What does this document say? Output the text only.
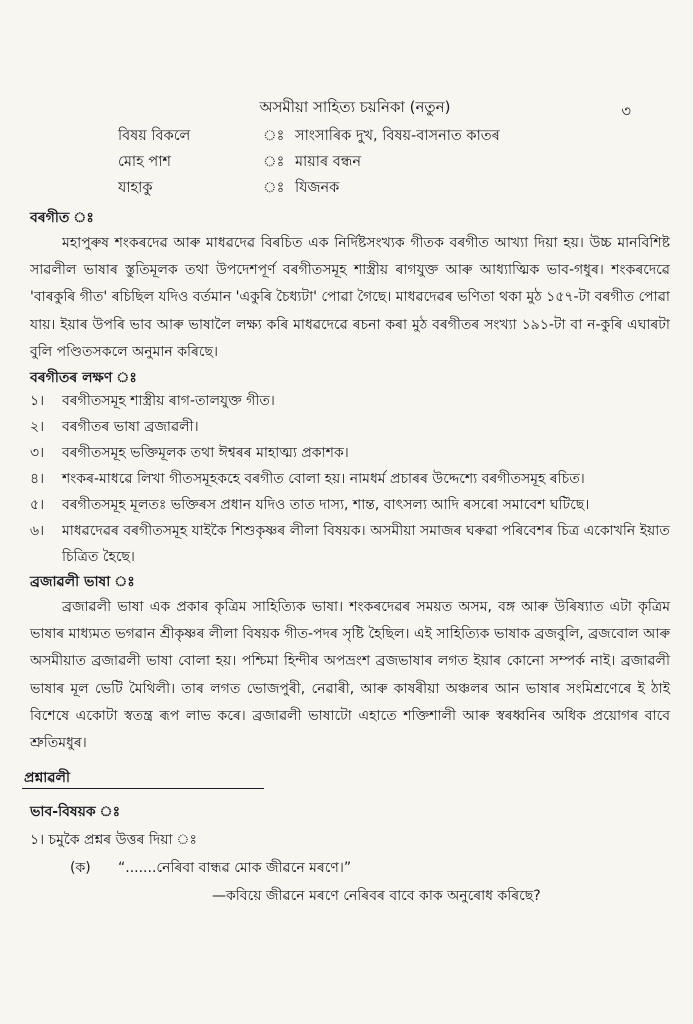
অসমীয়া সাহিত্য চয়নিকা (নতুন)	৩
বিষয় বিকলে	ঃ সাংসাৰিক দুখ, বিষয়-বাসনাত কাতৰ
মোহ পাশ	ঃ মায়াৰ বন্ধন
যাহাকু	ঃ যিজনক
বৰগীত ঃ

মহাপুৰুষ শংকৰদেৱ আৰু মাধৱদেৱ বিৰচিত এক নিৰ্দিষ্টসংখ্যক গীতক বৰগীত আখ্যা দিয়া হয়। উচ্চ মানবিশিষ্ট সাৱলীল ভাষাৰ স্তুতিমূলক তথা উপদেশপূৰ্ণ বৰগীতসমূহ শাস্ত্ৰীয় ৰাগযুক্ত আৰু আধ্যাত্মিক ভাব-গধুৰ। শংকৰদেৱে 'বাৰকুৰি গীত' ৰচিছিল যদিও বৰ্তমান 'একুৰি চৈধ্যটা' পোৱা গৈছে। মাধৱদেৱৰ ভণিতা থকা মুঠ ১৫৭-টা বৰগীত পোৱা যায়। ইয়াৰ উপৰি ভাব আৰু ভাষালৈ লক্ষ্য কৰি মাধৱদেৱে ৰচনা কৰা মুঠ বৰগীতৰ সংখ্যা ১৯১-টা বা ন-কুৰি এঘাৰটা বুলি পণ্ডিতসকলে অনুমান কৰিছে।

বৰগীতৰ লক্ষণ ঃ
১।	বৰগীতসমূহ শাস্ত্ৰীয় ৰাগ-তালযুক্ত গীত।
২।	বৰগীতৰ ভাষা ব্ৰজাৱলী।
৩।	বৰগীতসমূহ ভক্তিমূলক তথা ঈশ্বৰৰ মাহাত্ম্য প্ৰকাশক।
৪।	শংকৰ-মাধৱে লিখা গীতসমূহকহে বৰগীত বোলা হয়। নামধৰ্ম প্ৰচাৰৰ উদ্দেশ্যে বৰগীতসমূহ ৰচিত।
৫।	বৰগীতসমূহ মূলতঃ ভক্তিৰস প্ৰধান যদিও তাত দাস্য, শান্ত, বাৎসল্য আদি ৰসৰো সমাবেশ ঘটিছে।
৬।	মাধৱদেৱৰ বৰগীতসমূহ যাইকৈ শিশুকৃষ্ণৰ লীলা বিষয়ক। অসমীয়া সমাজৰ ঘৰুৱা পৰিবেশৰ চিত্ৰ একোখনি ইয়াত চিত্ৰিত হৈছে।
ব্ৰজাৱলী ভাষা ঃ

ব্ৰজাৱলী ভাষা এক প্ৰকাৰ কৃত্ৰিম সাহিত্যিক ভাষা। শংকৰদেৱৰ সময়ত অসম, বঙ্গ আৰু উৰিষ্যাত এটা কৃত্ৰিম ভাষাৰ মাধ্যমত ভগৱান শ্ৰীকৃষ্ণৰ লীলা বিষয়ক গীত-পদৰ সৃষ্টি হৈছিল। এই সাহিত্যিক ভাষাক ব্ৰজবুলি, ব্ৰজবোল আৰু অসমীয়াত ব্ৰজাৱলী ভাষা বোলা হয়। পশ্চিমা হিন্দীৰ অপভ্ৰংশ ব্ৰজভাষাৰ লগত ইয়াৰ কোনো সম্পৰ্ক নাই। ব্ৰজাৱলী ভাষাৰ মূল ভেটি মৈথিলী। তাৰ লগত ভোজপুৰী, নেৱাৰী, আৰু কাষৰীয়া অঞ্চলৰ আন ভাষাৰ সংমিশ্ৰণেৰে ই ঠাই বিশেষে একোটা স্বতন্ত্ৰ ৰূপ লাভ কৰে। ব্ৰজাৱলী ভাষাটো এহাতে শক্তিশালী আৰু স্বৰধ্বনিৰ অধিক প্ৰয়োগৰ বাবে শ্ৰুতিমধুৰ।

প্ৰশ্নাৱলী
ভাব-বিষয়ক ঃ
১। চমুকৈ প্ৰশ্নৰ উত্তৰ দিয়া ঃ
(ক) “.......নেৰিবা বান্ধৱ মোক জীৱনে মৰণে।”
—কবিয়ে জীৱনে মৰণে নেৰিবৰ বাবে কাক অনুৰোধ কৰিছে?
